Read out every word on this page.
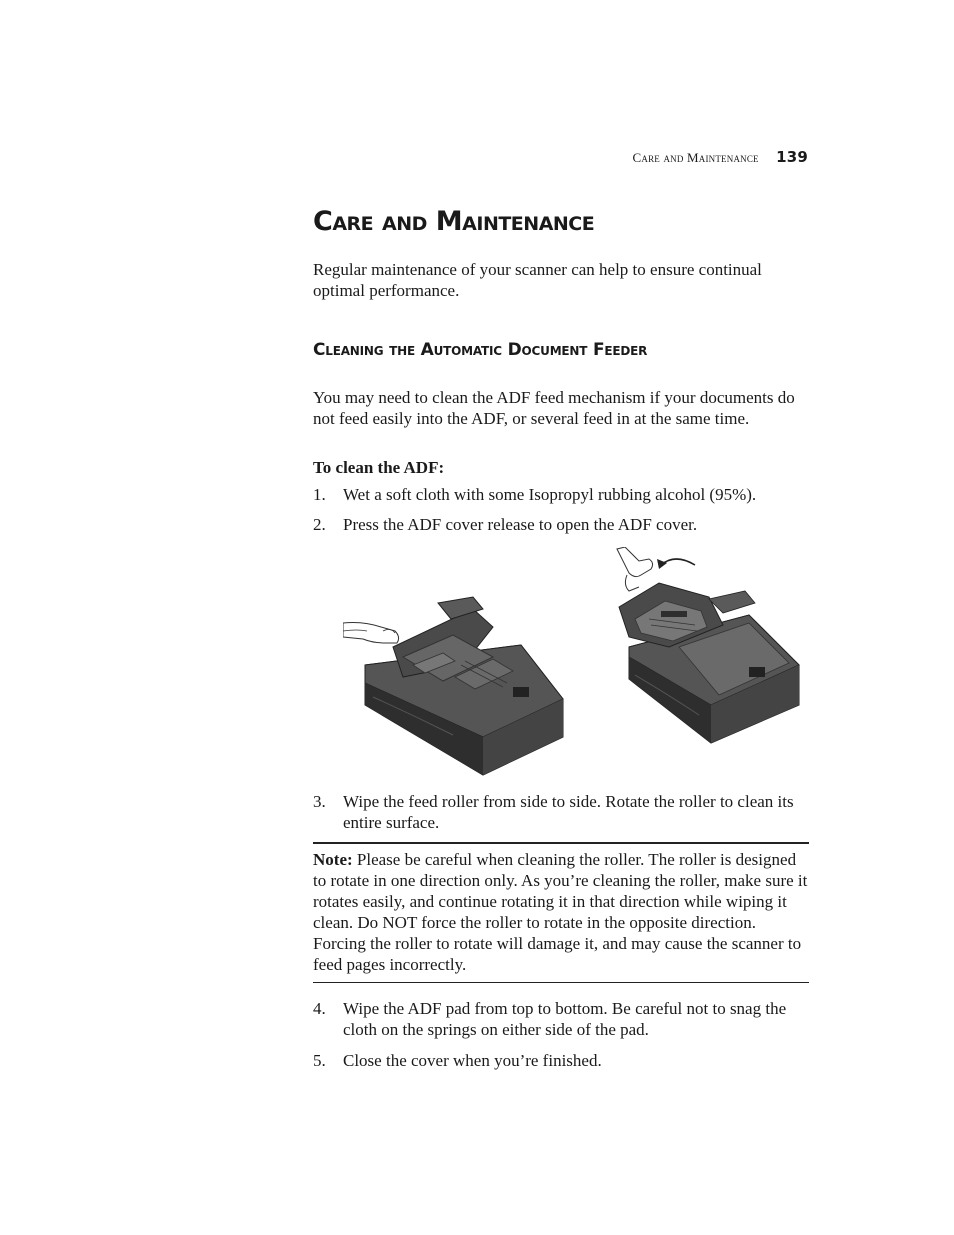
Care and Maintenance 139
Care and Maintenance

Regular maintenance of your scanner can help to ensure continual optimal performance.

Cleaning the Automatic Document Feeder

You may need to clean the ADF feed mechanism if your documents do not feed easily into the ADF, or several feed in at the same time.

To clean the ADF:
1. Wet a soft cloth with some Isopropyl rubbing alcohol (95%).
2. Press the ADF cover release to open the ADF cover.
3. Wipe the feed roller from side to side. Rotate the roller to clean its entire surface.

Note: Please be careful when cleaning the roller. The roller is designed to rotate in one direction only. As you’re cleaning the roller, make sure it rotates easily, and continue rotating it in that direction while wiping it clean. Do NOT force the roller to rotate in the opposite direction. Forcing the roller to rotate will damage it, and may cause the scanner to feed pages incorrectly.

4. Wipe the ADF pad from top to bottom. Be careful not to snag the cloth on the springs on either side of the pad.
5. Close the cover when you’re finished.
